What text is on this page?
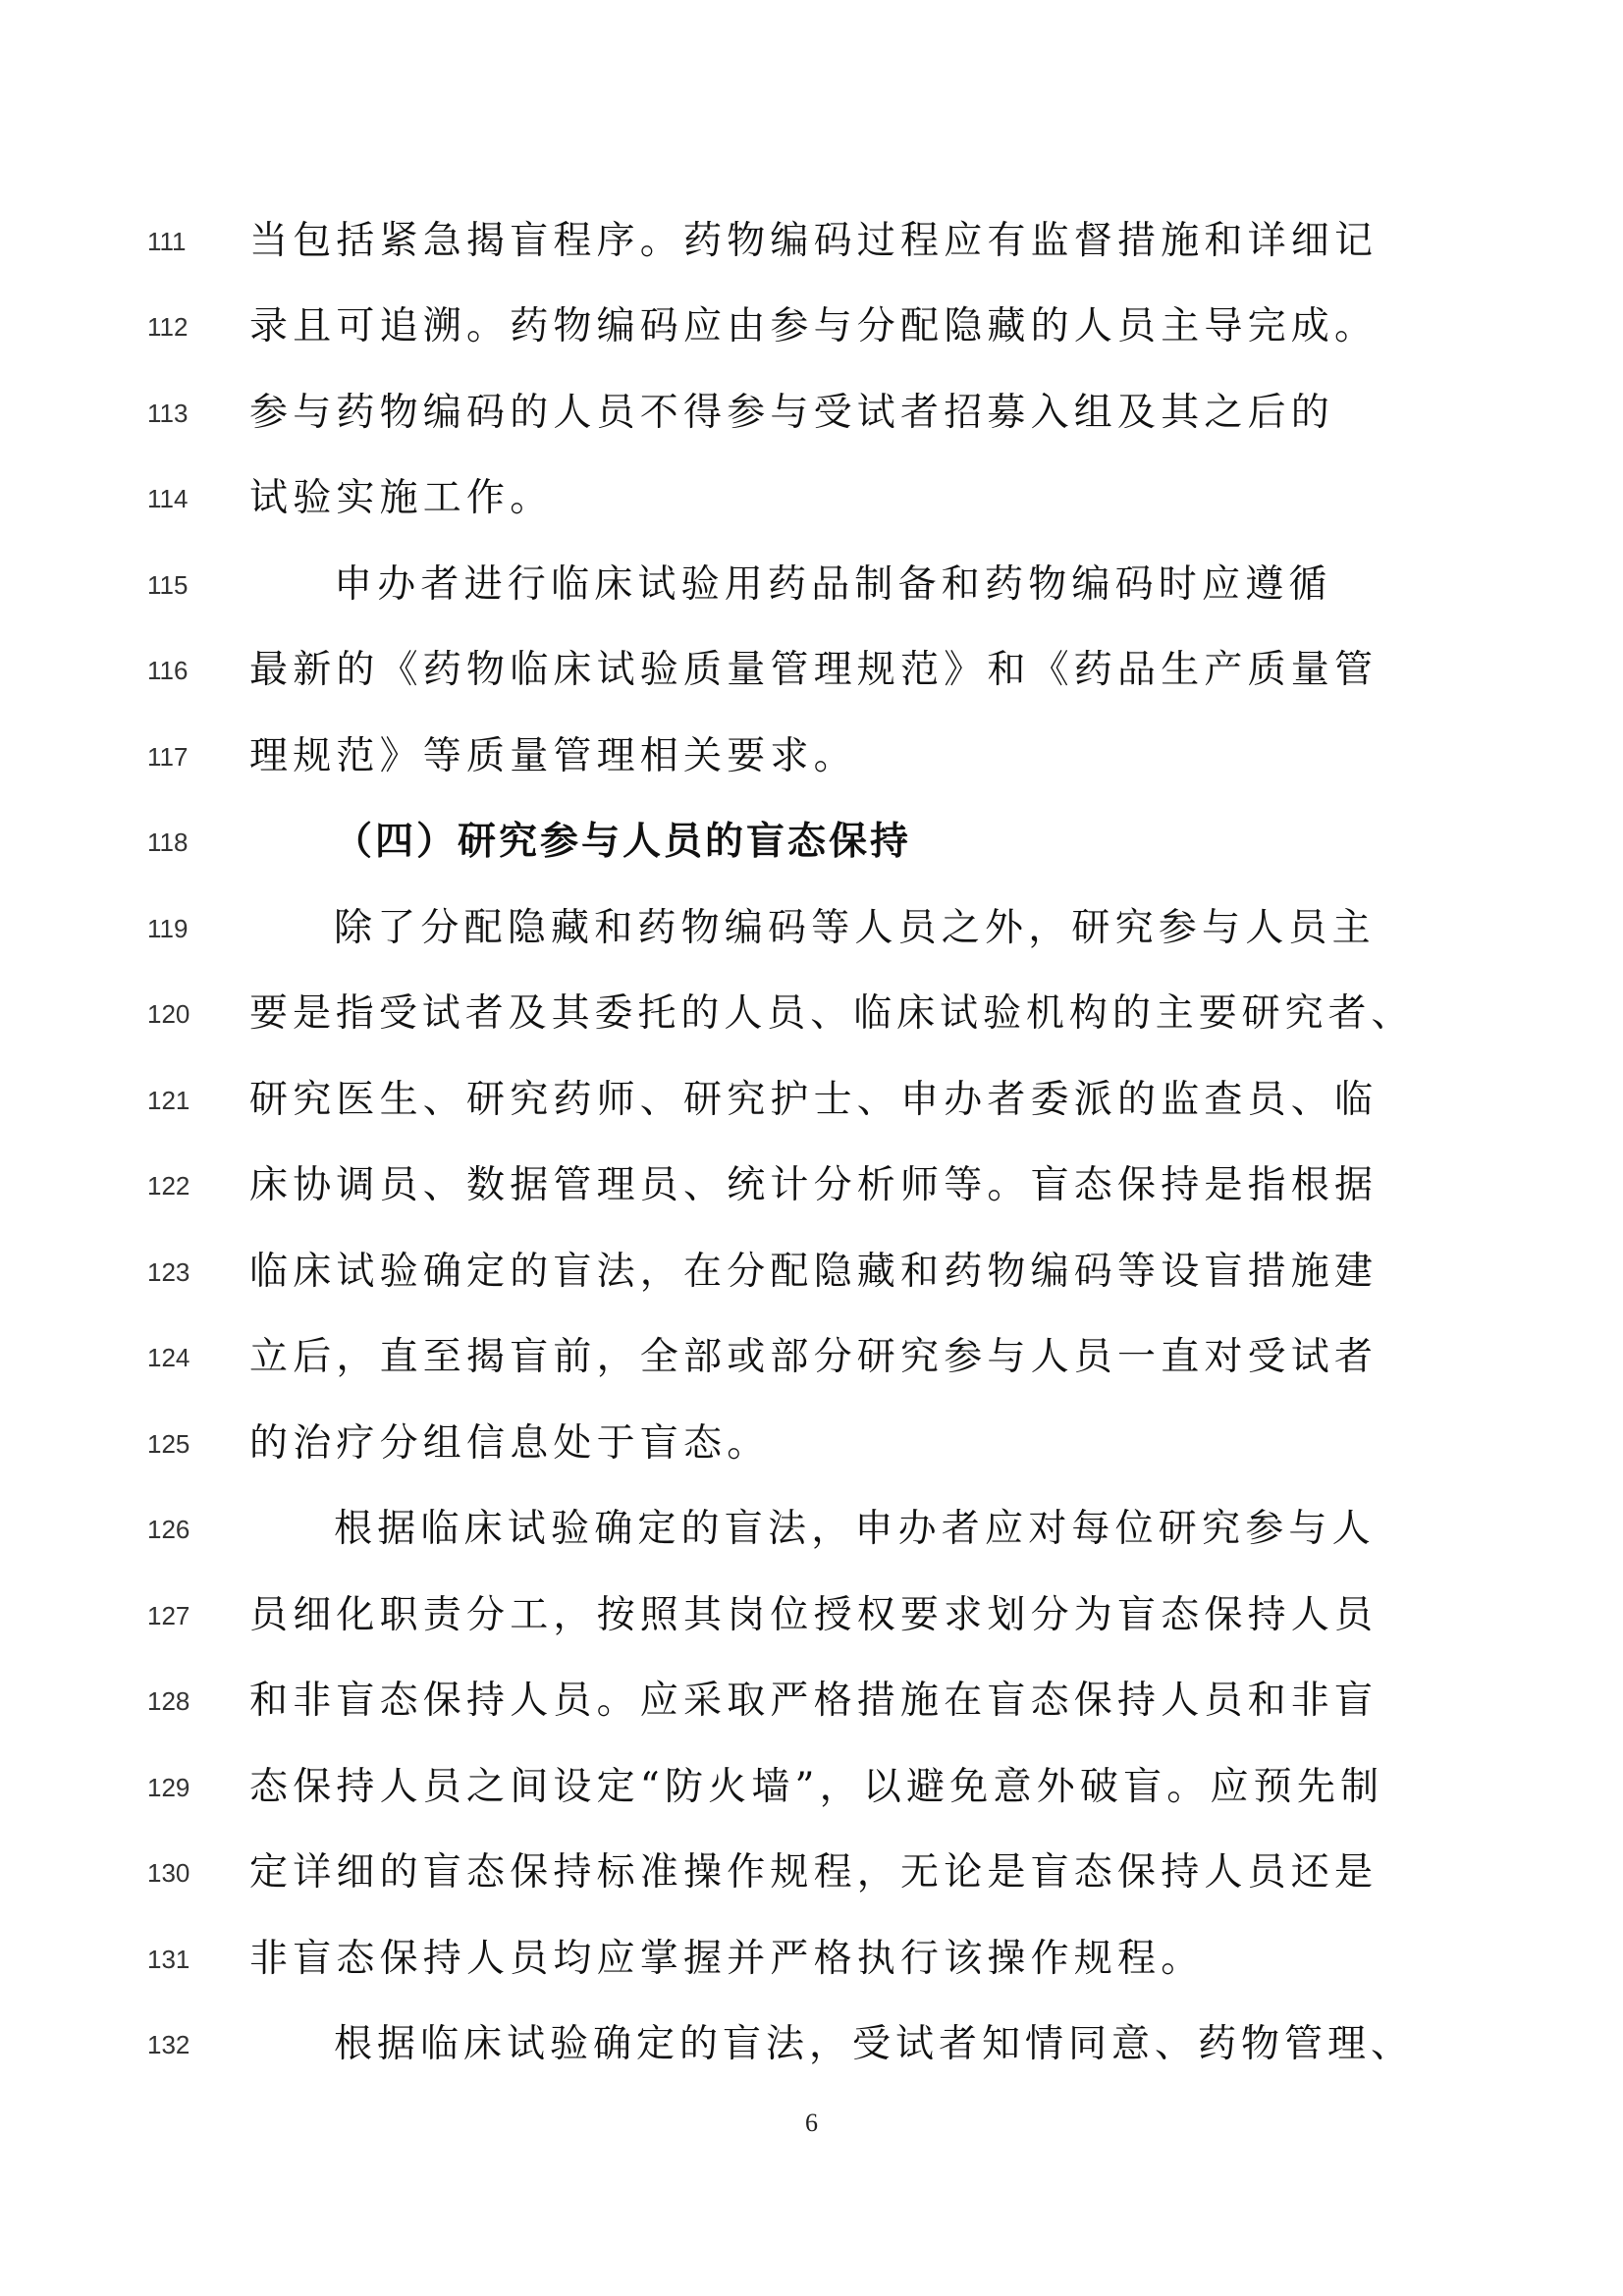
111	当包括紧急揭盲程序。药物编码过程应有监督措施和详细记
112	录且可追溯。药物编码应由参与分配隐藏的人员主导完成。
113	参与药物编码的人员不得参与受试者招募入组及其之后的
114	试验实施工作。
115	申办者进行临床试验用药品制备和药物编码时应遵循
116	最新的《药物临床试验质量管理规范》和《药品生产质量管
117	理规范》等质量管理相关要求。
118	（四）研究参与人员的盲态保持
119	除了分配隐藏和药物编码等人员之外，研究参与人员主
120 要是指受试者及其委托的人员、临床试验机构的主要研究者、
121 研究医生、研究药师、研究护士、申办者委派的监查员、临
122 床协调员、数据管理员、统计分析师等。盲态保持是指根据
123 临床试验确定的盲法，在分配隐藏和药物编码等设盲措施建
124 立后，直至揭盲前，全部或部分研究参与人员一直对受试者
125 的治疗分组信息处于盲态。
126	根据临床试验确定的盲法，申办者应对每位研究参与人
127 员细化职责分工，按照其岗位授权要求划分为盲态保持人员
128 和非盲态保持人员。应采取严格措施在盲态保持人员和非盲
129 态保持人员之间设定“防火墙”，以避免意外破盲。应预先制
130 定详细的盲态保持标准操作规程，无论是盲态保持人员还是
131 非盲态保持人员均应掌握并严格执行该操作规程。
132	根据临床试验确定的盲法，受试者知情同意、药物管理、
6
